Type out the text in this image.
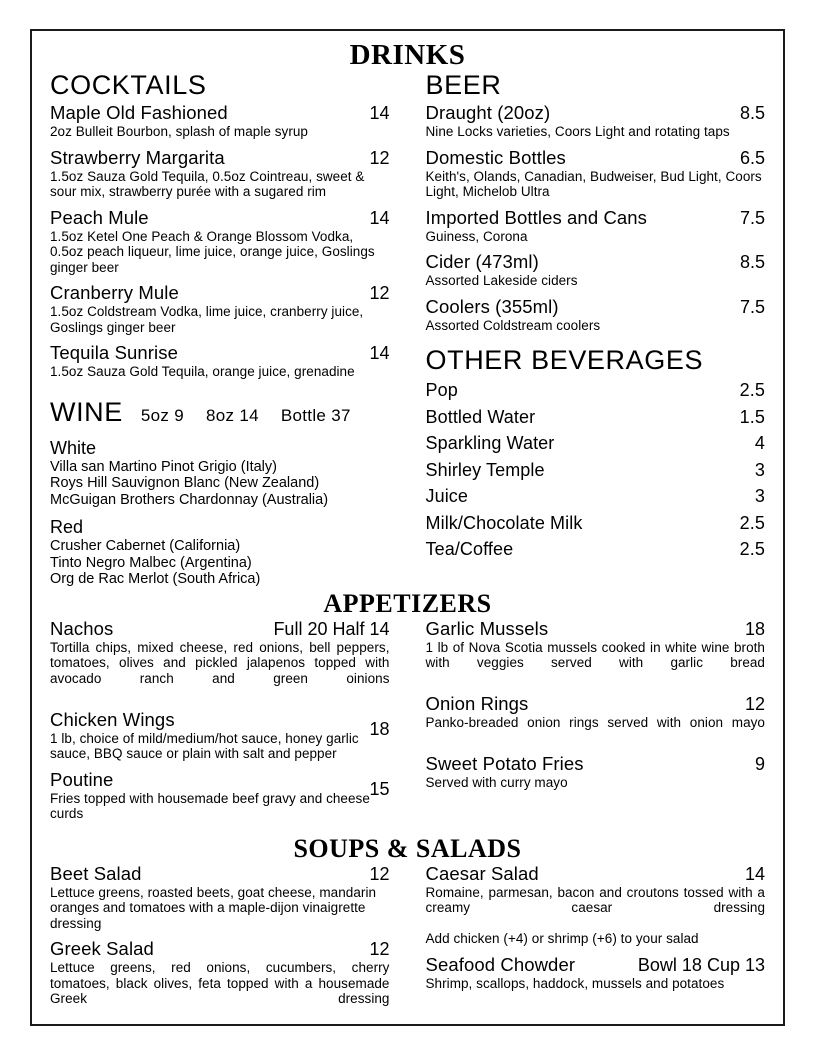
DRINKS
COCKTAILS
Maple Old Fashioned	14
2oz Bulleit Bourbon, splash of maple syrup
Strawberry Margarita	12
1.5oz Sauza Gold Tequila, 0.5oz Cointreau, sweet & sour mix, strawberry purée with a sugared rim
Peach Mule	14
1.5oz Ketel One Peach & Orange Blossom Vodka, 0.5oz peach liqueur, lime juice, orange juice, Goslings ginger beer
Cranberry Mule	12
1.5oz Coldstream Vodka, lime juice, cranberry juice, Goslings ginger beer
Tequila Sunrise	14
1.5oz Sauza Gold Tequila, orange juice, grenadine
WINE 5oz 9 8oz 14 Bottle 37
White
Villa san Martino Pinot Grigio (Italy)
Roys Hill Sauvignon Blanc (New Zealand)
McGuigan Brothers Chardonnay (Australia)
Red
Crusher Cabernet (California)
Tinto Negro Malbec (Argentina)
Org de Rac Merlot (South Africa)
BEER
Draught (20oz)	8.5
Nine Locks varieties, Coors Light and rotating taps
Domestic Bottles	6.5
Keith's, Olands, Canadian, Budweiser, Bud Light, Coors Light, Michelob Ultra
Imported Bottles and Cans	7.5
Guiness, Corona
Cider (473ml)	8.5
Assorted Lakeside ciders
Coolers (355ml)	7.5
Assorted Coldstream coolers
OTHER BEVERAGES
Pop	2.5
Bottled Water	1.5
Sparkling Water	4
Shirley Temple	3
Juice	3
Milk/Chocolate Milk	2.5
Tea/Coffee	2.5
APPETIZERS
Nachos	Full 20 Half 14
Tortilla chips, mixed cheese, red onions, bell peppers, tomatoes, olives and pickled jalapenos topped with avocado ranch and green oinions
Chicken Wings	18
1 lb, choice of mild/medium/hot sauce, honey garlic sauce, BBQ sauce or plain with salt and pepper
Poutine	15
Fries topped with housemade beef gravy and cheese curds
Garlic Mussels	18
1 lb of Nova Scotia mussels cooked in white wine broth with veggies served with garlic bread
Onion Rings	12
Panko-breaded onion rings served with onion mayo
Sweet Potato Fries	9
Served with curry mayo
SOUPS & SALADS
Beet Salad	12
Lettuce greens, roasted beets, goat cheese, mandarin oranges and tomatoes with a maple-dijon vinaigrette dressing
Greek Salad	12
Lettuce greens, red onions, cucumbers, cherry tomatoes, black olives, feta topped with a housemade Greek dressing
Caesar Salad	14
Romaine, parmesan, bacon and croutons tossed with a creamy caesar dressing
Add chicken (+4) or shrimp (+6) to your salad
Seafood Chowder	Bowl 18 Cup 13
Shrimp, scallops, haddock, mussels and potatoes
